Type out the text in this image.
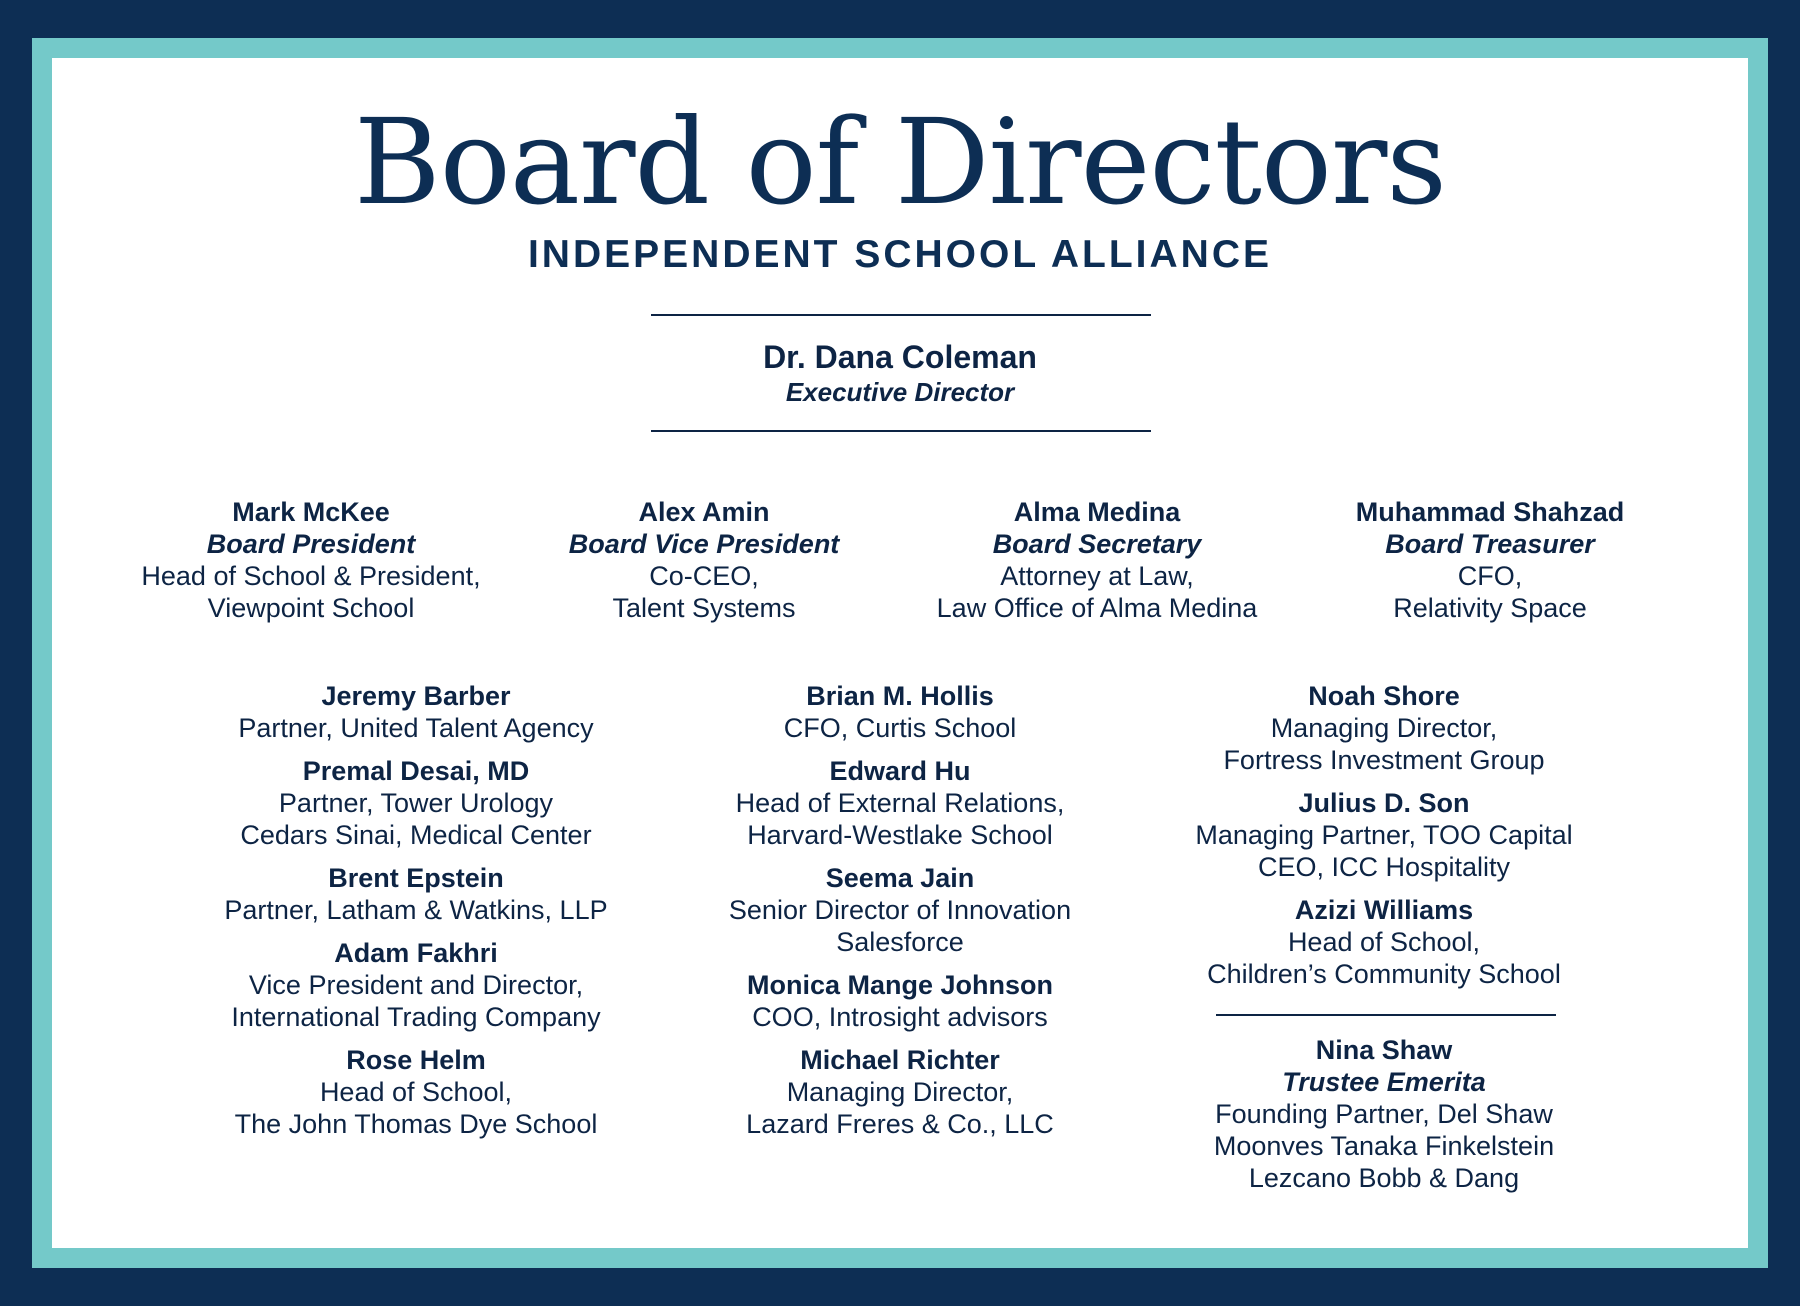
Board of Directors
INDEPENDENT SCHOOL ALLIANCE
Dr. Dana Coleman
Executive Director
Mark McKee
Board President
Head of School & President,
Viewpoint School
Alex Amin
Board Vice President
Co-CEO,
Talent Systems
Alma Medina
Board Secretary
Attorney at Law,
Law Office of Alma Medina
Muhammad Shahzad
Board Treasurer
CFO,
Relativity Space
Jeremy Barber
Partner, United Talent Agency
Premal Desai, MD
Partner, Tower Urology
Cedars Sinai, Medical Center
Brent Epstein
Partner, Latham & Watkins, LLP
Adam Fakhri
Vice President and Director,
International Trading Company
Rose Helm
Head of School,
The John Thomas Dye School
Brian M. Hollis
CFO, Curtis School
Edward Hu
Head of External Relations,
Harvard-Westlake School
Seema Jain
Senior Director of Innovation
Salesforce
Monica Mange Johnson
COO, Introsight advisors
Michael Richter
Managing Director,
Lazard Freres & Co., LLC
Noah Shore
Managing Director,
Fortress Investment Group
Julius D. Son
Managing Partner, TOO Capital
CEO, ICC Hospitality
Azizi Williams
Head of School,
Children’s Community School
Nina Shaw
Trustee Emerita
Founding Partner, Del Shaw
Moonves Tanaka Finkelstein
Lezcano Bobb & Dang
